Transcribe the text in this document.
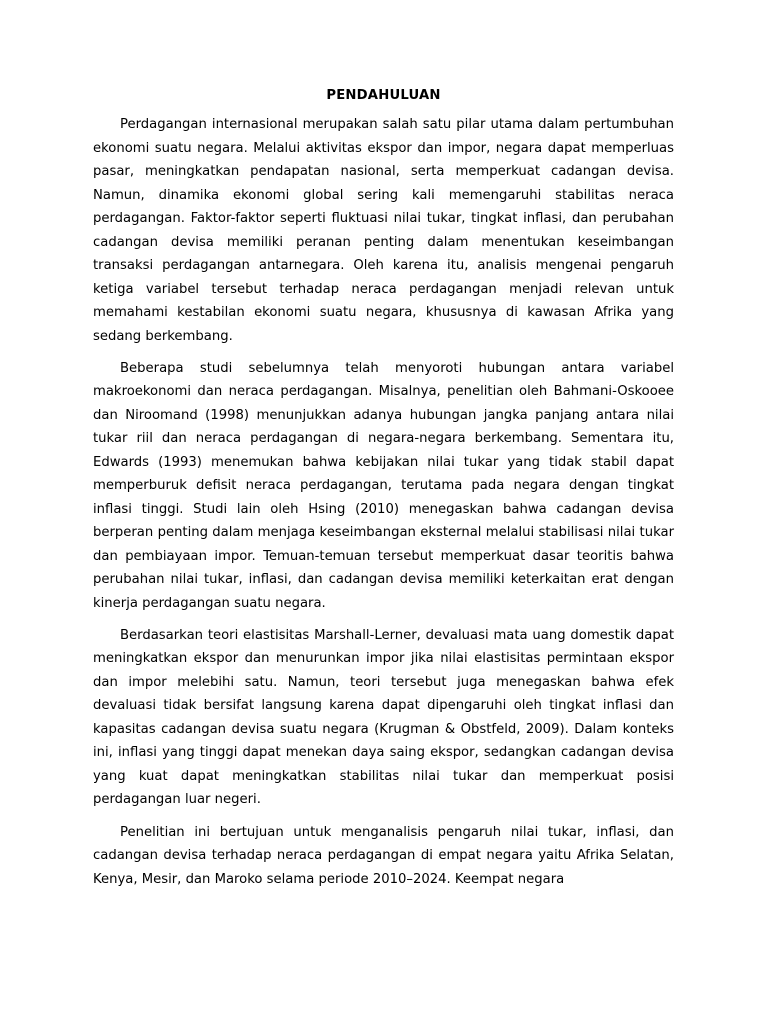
PENDAHULUAN

Perdagangan internasional merupakan salah satu pilar utama dalam pertumbuhan ekonomi suatu negara. Melalui aktivitas ekspor dan impor, negara dapat memperluas pasar, meningkatkan pendapatan nasional, serta memperkuat cadangan devisa. Namun, dinamika ekonomi global sering kali memengaruhi stabilitas neraca perdagangan. Faktor-faktor seperti fluktuasi nilai tukar, tingkat inflasi, dan perubahan cadangan devisa memiliki peranan penting dalam menentukan keseimbangan transaksi perdagangan antarnegara. Oleh karena itu, analisis mengenai pengaruh ketiga variabel tersebut terhadap neraca perdagangan menjadi relevan untuk memahami kestabilan ekonomi suatu negara, khususnya di kawasan Afrika yang sedang berkembang.

Beberapa studi sebelumnya telah menyoroti hubungan antara variabel makroekonomi dan neraca perdagangan. Misalnya, penelitian oleh Bahmani-Oskooee dan Niroomand (1998) menunjukkan adanya hubungan jangka panjang antara nilai tukar riil dan neraca perdagangan di negara-negara berkembang. Sementara itu, Edwards (1993) menemukan bahwa kebijakan nilai tukar yang tidak stabil dapat memperburuk defisit neraca perdagangan, terutama pada negara dengan tingkat inflasi tinggi. Studi lain oleh Hsing (2010) menegaskan bahwa cadangan devisa berperan penting dalam menjaga keseimbangan eksternal melalui stabilisasi nilai tukar dan pembiayaan impor. Temuan-temuan tersebut memperkuat dasar teoritis bahwa perubahan nilai tukar, inflasi, dan cadangan devisa memiliki keterkaitan erat dengan kinerja perdagangan suatu negara.

Berdasarkan teori elastisitas Marshall-Lerner, devaluasi mata uang domestik dapat meningkatkan ekspor dan menurunkan impor jika nilai elastisitas permintaan ekspor dan impor melebihi satu. Namun, teori tersebut juga menegaskan bahwa efek devaluasi tidak bersifat langsung karena dapat dipengaruhi oleh tingkat inflasi dan kapasitas cadangan devisa suatu negara (Krugman & Obstfeld, 2009). Dalam konteks ini, inflasi yang tinggi dapat menekan daya saing ekspor, sedangkan cadangan devisa yang kuat dapat meningkatkan stabilitas nilai tukar dan memperkuat posisi perdagangan luar negeri.

Penelitian ini bertujuan untuk menganalisis pengaruh nilai tukar, inflasi, dan cadangan devisa terhadap neraca perdagangan di empat negara yaitu Afrika Selatan, Kenya, Mesir, dan Maroko selama periode 2010–2024. Keempat negara
